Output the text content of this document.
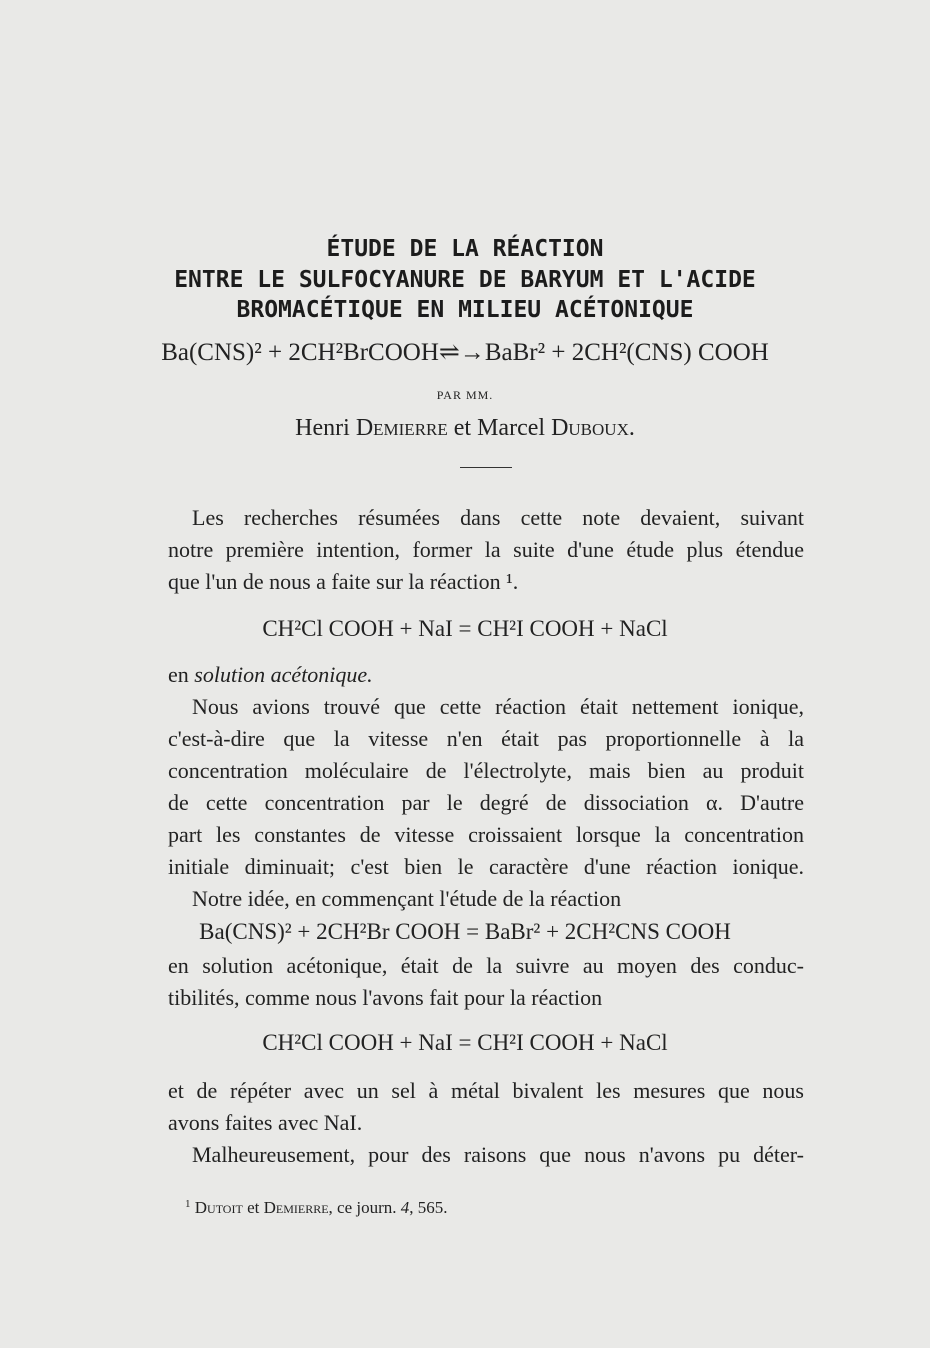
ÉTUDE DE LA RÉACTION
ENTRE LE SULFOCYANURE DE BARYUM ET L'ACIDE
BROMACÉTIQUE EN MILIEU ACÉTONIQUE
Ba(CNS)² + 2CH²BrCOOH⇌→BaBr² + 2CH²(CNS) COOH
PAR MM.
Henri Demierre et Marcel Duboux.
Les recherches résumées dans cette note devaient, suivant
notre première intention, former la suite d'une étude plus étendue
que l'un de nous a faite sur la réaction ¹.
CH²Cl COOH + NaI = CH²I COOH + NaCl
en solution acétonique.
Nous avions trouvé que cette réaction était nettement ionique,
c'est-à-dire que la vitesse n'en était pas proportionnelle à la
concentration moléculaire de l'électrolyte, mais bien au produit
de cette concentration par le degré de dissociation α. D'autre
part les constantes de vitesse croissaient lorsque la concentration
initiale diminuait; c'est bien le caractère d'une réaction ionique.
Notre idée, en commençant l'étude de la réaction
Ba(CNS)² + 2CH²Br COOH = BaBr² + 2CH²CNS COOH
en solution acétonique, était de la suivre au moyen des conduc-
tibilités, comme nous l'avons fait pour la réaction
CH²Cl COOH + NaI = CH²I COOH + NaCl
et de répéter avec un sel à métal bivalent les mesures que nous
avons faites avec NaI.
Malheureusement, pour des raisons que nous n'avons pu déter-
$^1$ Dutoit et Demierre, ce journ. 4, 565.
